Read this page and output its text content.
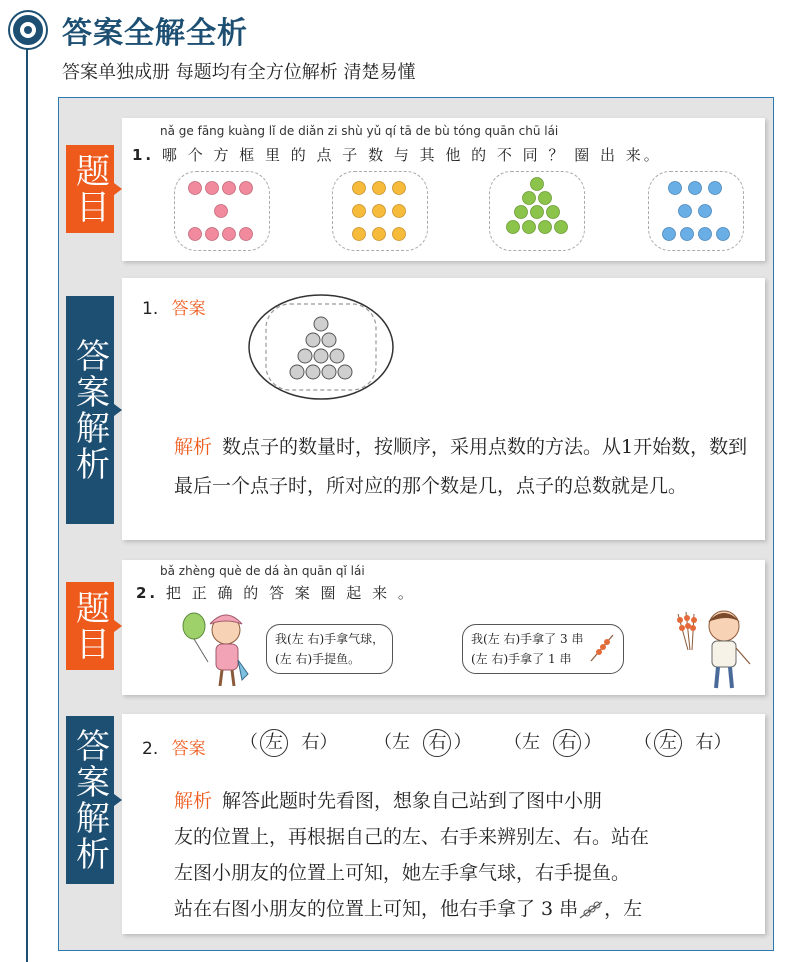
答案全解全析
答案单独成册 每题均有全方位解析 清楚易懂
题目
nǎ ge fāng kuàng lǐ de diǎn zi shù yǔ qí tā de bù tóng quān chū lái
1. 哪 个 方 框 里 的 点 子 数 与 其 他 的 不 同 ？ 圈 出 来。
答案解析
1. 答案
解析 数点子的数量时，按顺序，采用点数的方法。从1开始数，数到最后一个点子时，所对应的那个数是几，点子的总数就是几。
题目
bǎ zhèng què de dá àn quān qǐ lái
2. 把 正 确 的 答 案 圈 起 来 。
我(左 右)手拿气球，
(左 右)手提鱼。
我(左 右)手拿了 3 串
(左 右)手拿了 1 串
答案解析 2. 答案 （ 左 右） （左 右 ） （左 右 ） （ 左 右）
解析 解答此题时先看图，想象自己站到了图中小朋
友的位置上，再根据自己的左、右手来辨别左、右。站在
左图小朋友的位置上可知，她左手拿气球，右手提鱼。
站在右图小朋友的位置上可知，他右手拿了 3 串 ，左
